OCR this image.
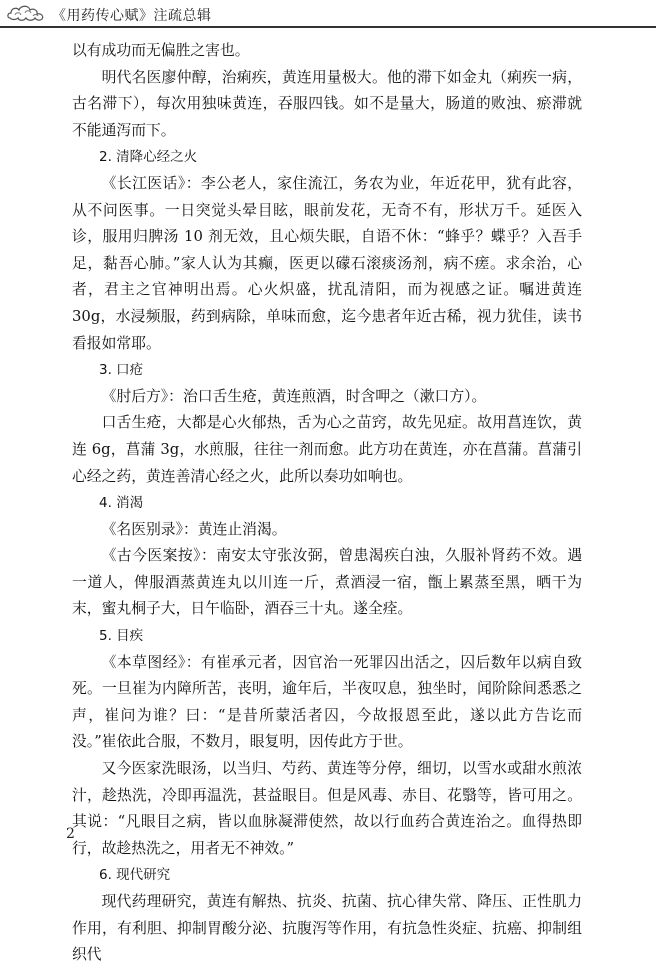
《用药传心赋》注疏总辑

以有成功而无偏胜之害也。

明代名医廖仲醇，治痢疾，黄连用量极大。他的滞下如金丸（痢疾一病，古名滞下），每次用独味黄连，吞服四钱。如不是量大，肠道的败浊、瘀滞就不能通泻而下。

2. 清降心经之火

《长江医话》：李公老人，家住流江，务农为业，年近花甲，犹有此容，从不问医事。一日突觉头晕目眩，眼前发花，无奇不有，形状万千。延医入诊，服用归脾汤 10 剂无效，且心烦失眠，自语不休：“蜂乎？蝶乎？入吾手足，黏吾心肺。”家人认为其癫，医更以礞石滚痰汤剂，病不瘥。求余治，心者，君主之官神明出焉。心火炽盛，扰乱清阳，而为视感之证。嘱进黄连 30g，水浸频服，药到病除，单味而愈，迄今患者年近古稀，视力犹佳，读书看报如常耶。

3. 口疮

《肘后方》：治口舌生疮，黄连煎酒，时含呷之（漱口方）。

口舌生疮，大都是心火郁热，舌为心之苗窍，故先见症。故用菖连饮，黄连 6g，菖蒲 3g，水煎服，往往一剂而愈。此方功在黄连，亦在菖蒲。菖蒲引心经之药，黄连善清心经之火，此所以奏功如响也。

4. 消渴

《名医别录》：黄连止消渴。

《古今医案按》：南安太守张汝弼，曾患渴疾白浊，久服补肾药不效。遇一道人，俾服酒蒸黄连丸以川连一斤，煮酒浸一宿，甑上累蒸至黑，晒干为末，蜜丸桐子大，日午临卧，酒吞三十丸。遂全痊。

5. 目疾

《本草图经》：有崔承元者，因官治一死罪囚出活之，囚后数年以病自致死。一旦崔为内障所苦，丧明，逾年后，半夜叹息，独坐时，闻阶除间悉悉之声，崔问为谁？曰：“是昔所蒙活者囚，今故报恩至此，遂以此方告讫而没。”崔依此合服，不数月，眼复明，因传此方于世。

又今医家洗眼汤，以当归、芍药、黄连等分停，细切，以雪水或甜水煎浓汁，趁热洗，冷即再温洗，甚益眼目。但是风毒、赤目、花翳等，皆可用之。其说：“凡眼目之病，皆以血脉凝滞使然，故以行血药合黄连治之。血得热即行，故趁热洗之，用者无不神效。”

6. 现代研究

现代药理研究，黄连有解热、抗炎、抗菌、抗心律失常、降压、正性肌力作用，有利胆、抑制胃酸分泌、抗腹泻等作用，有抗急性炎症、抗癌、抑制组织代

2
